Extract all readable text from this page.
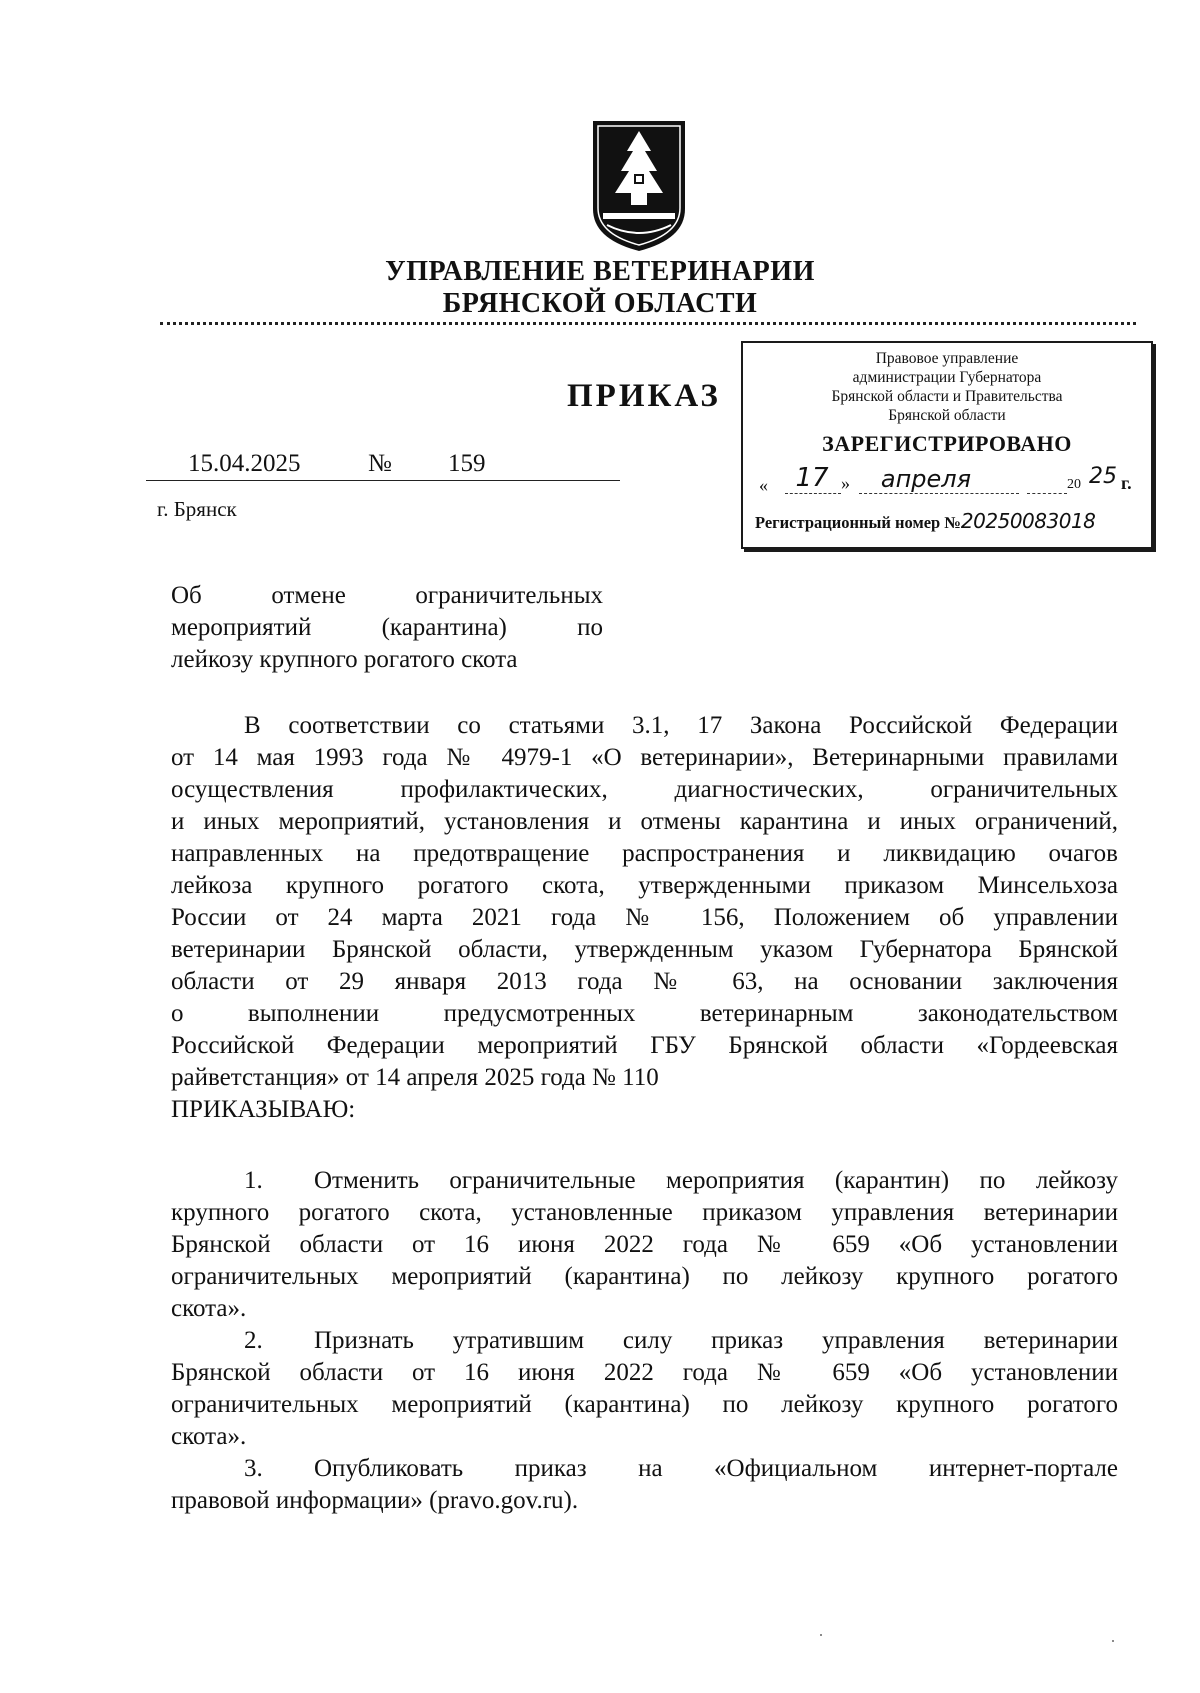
УПРАВЛЕНИЕ ВЕТЕРИНАРИИ
БРЯНСКОЙ ОБЛАСТИ
Правовое управление
администрации Губернатора
Брянской области и Правительства
Брянской области
ЗАРЕГИСТРИРОВАНО
«	17 »	апреля	20 25 г.
Регистрационный номер №20250083018
ПРИКАЗ
15.04.2025	№ 159
г. Брянск
Об отмене ограничительных
мероприятий (карантина) по
лейкозу крупного рогатого скота
В соответствии со статьями 3.1, 17 Закона Российской Федерации
от 14 мая 1993 года № 4979-1 «О ветеринарии», Ветеринарными правилами
осуществления профилактических, диагностических, ограничительных
и иных мероприятий, установления и отмены карантина и иных ограничений,
направленных на предотвращение распространения и ликвидацию очагов
лейкоза крупного рогатого скота, утвержденными приказом Минсельхоза
России от 24 марта 2021 года № 156, Положением об управлении
ветеринарии Брянской области, утвержденным указом Губернатора Брянской
области от 29 января 2013 года № 63, на основании заключения
о выполнении предусмотренных ветеринарным законодательством
Российской Федерации мероприятий ГБУ Брянской области «Гордеевская
райветстанция» от 14 апреля 2025 года № 110
ПРИКАЗЫВАЮ:
1. Отменить ограничительные мероприятия (карантин) по лейкозу
крупного рогатого скота, установленные приказом управления ветеринарии
Брянской области от 16 июня 2022 года № 659 «Об установлении
ограничительных мероприятий (карантина) по лейкозу крупного рогатого
скота».
2. Признать утратившим силу приказ управления ветеринарии
Брянской области от 16 июня 2022 года № 659 «Об установлении
ограничительных мероприятий (карантина) по лейкозу крупного рогатого
скота».
3. Опубликовать приказ на «Официальном интернет-портале
правовой информации» (pravo.gov.ru).
